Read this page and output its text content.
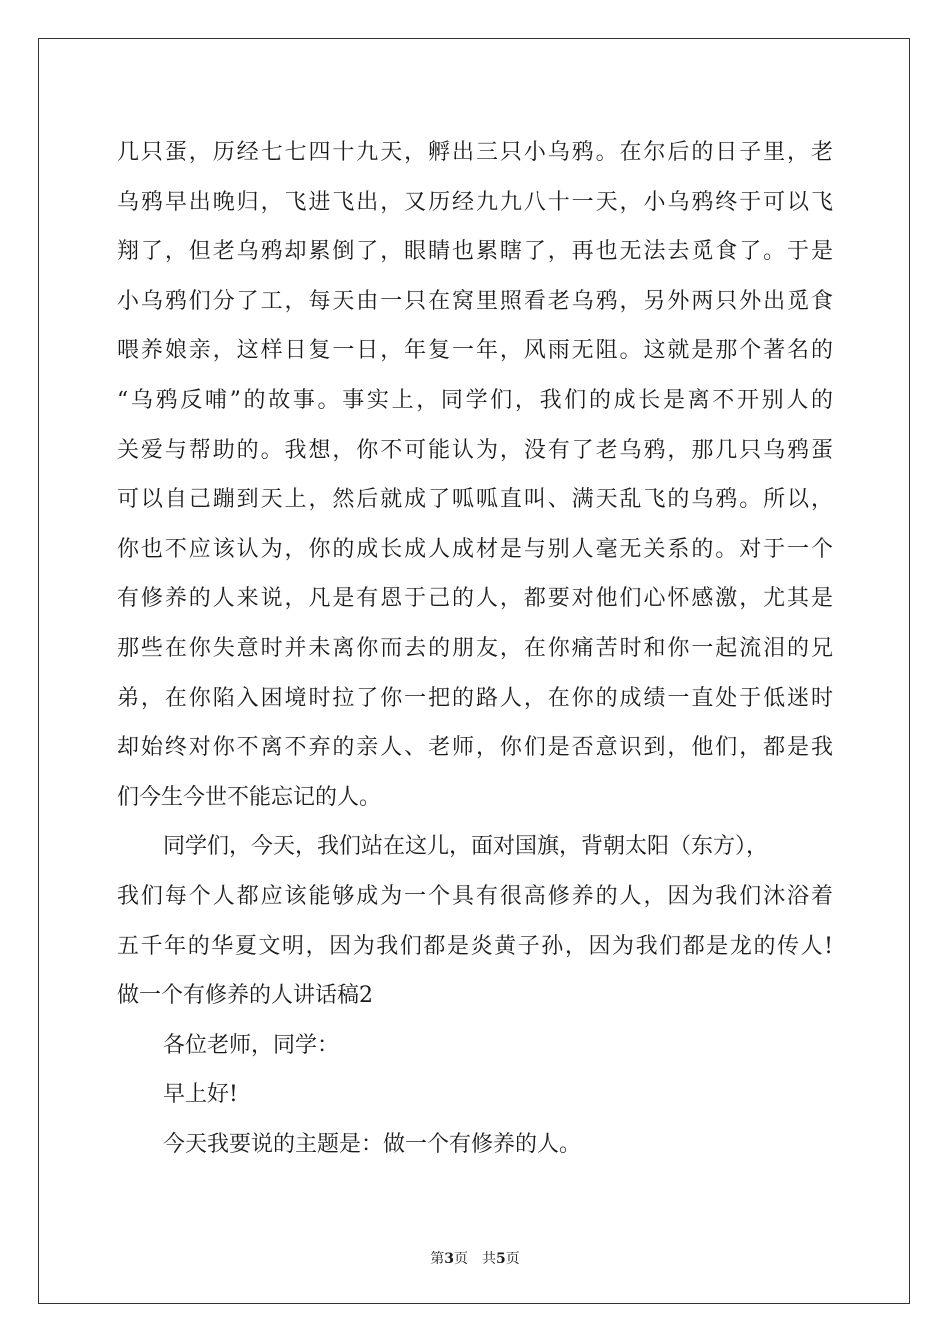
几只蛋，历经七七四十九天，孵出三只小乌鸦。在尔后的日子里，老
乌鸦早出晚归，飞进飞出，又历经九九八十一天，小乌鸦终于可以飞
翔了，但老乌鸦却累倒了，眼睛也累瞎了，再也无法去觅食了。于是
小乌鸦们分了工，每天由一只在窝里照看老乌鸦，另外两只外出觅食
喂养娘亲，这样日复一日，年复一年，风雨无阻。这就是那个著名的
“乌鸦反哺”的故事。事实上，同学们，我们的成长是离不开别人的
关爱与帮助的。我想，你不可能认为，没有了老乌鸦，那几只乌鸦蛋
可以自己蹦到天上，然后就成了呱呱直叫、满天乱飞的乌鸦。所以，
你也不应该认为，你的成长成人成材是与别人毫无关系的。对于一个
有修养的人来说，凡是有恩于己的人，都要对他们心怀感激，尤其是
那些在你失意时并未离你而去的朋友，在你痛苦时和你一起流泪的兄
弟，在你陷入困境时拉了你一把的路人，在你的成绩一直处于低迷时
却始终对你不离不弃的亲人、老师，你们是否意识到，他们，都是我
们今生今世不能忘记的人。
同学们，今天，我们站在这儿，面对国旗，背朝太阳（东方），
我们每个人都应该能够成为一个具有很高修养的人，因为我们沐浴着
五千年的华夏文明，因为我们都是炎黄子孙，因为我们都是龙的传人!
做一个有修养的人讲话稿2
各位老师，同学：
早上好!
今天我要说的主题是：做一个有修养的人。
第3页 共5页
